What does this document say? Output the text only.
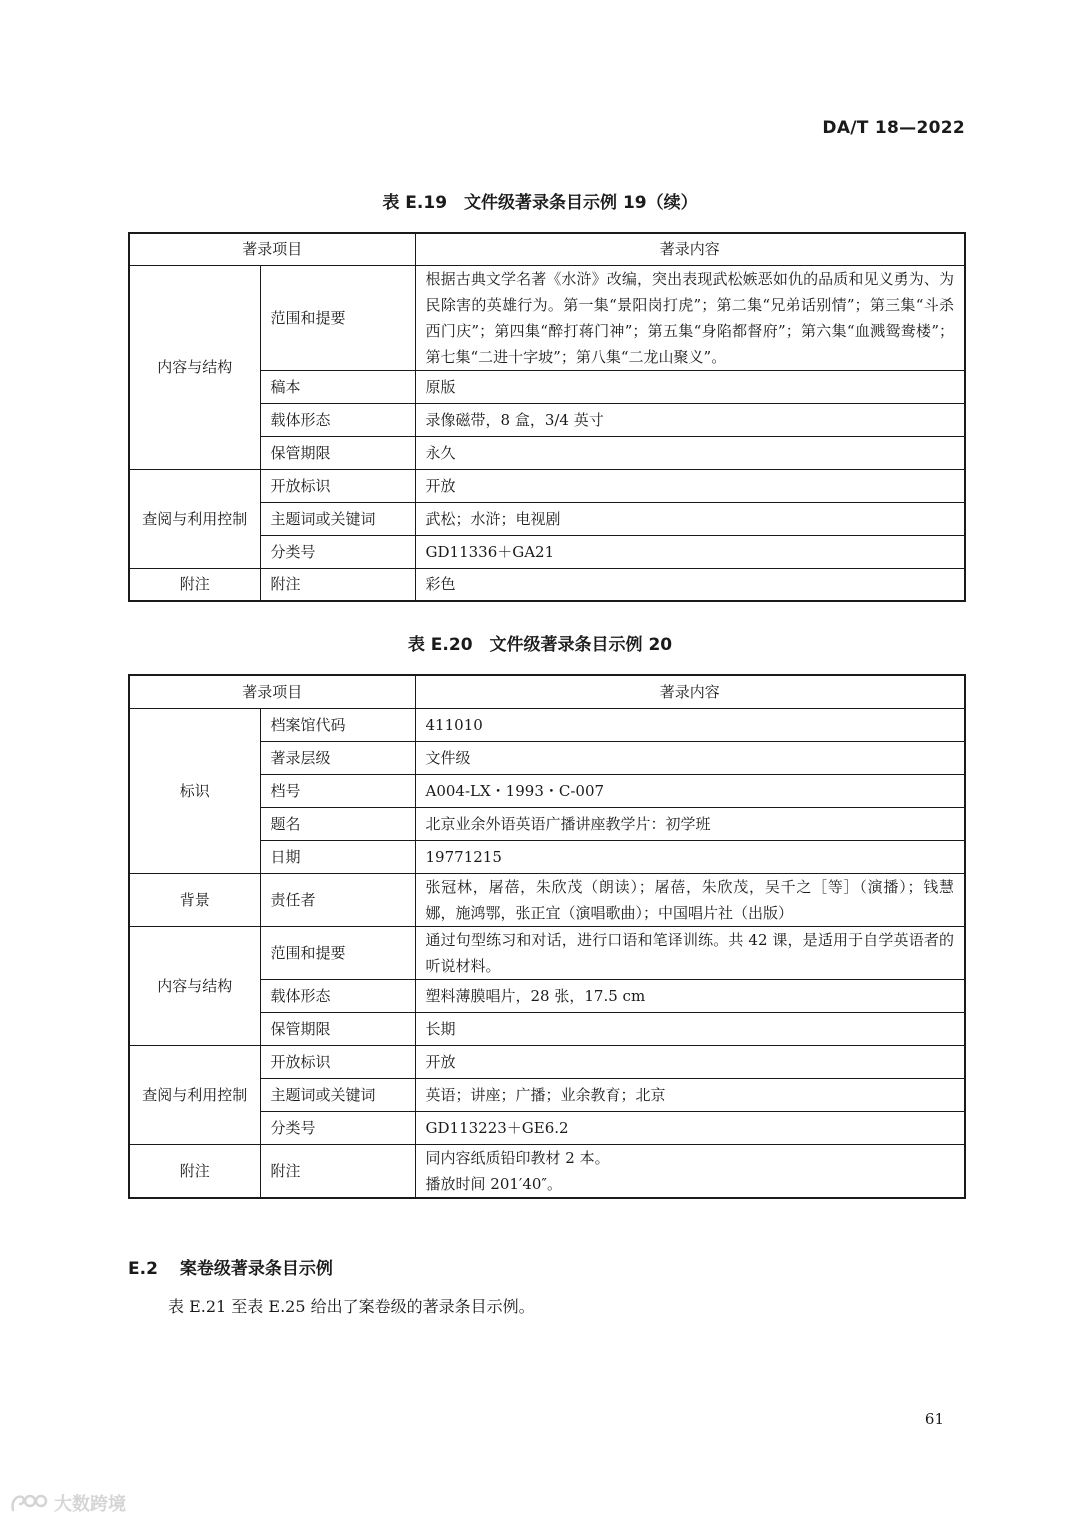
DA/T 18—2022
表 E.19　文件级著录条目示例 19（续）
著录项目		著录内容
内容与结构	范围和提要	根据古典文学名著《水浒》改编，突出表现武松嫉恶如仇的品质和见义勇为、为民除害的英雄行为。第一集“景阳岗打虎”；第二集“兄弟话别情”；第三集“斗杀西门庆”；第四集“醉打蒋门神”；第五集“身陷都督府”；第六集“血溅鸳鸯楼”；第七集“二进十字坡”；第八集“二龙山聚义”。
	稿本	原版
	载体形态	录像磁带，8 盒，3/4 英寸
	保管期限	永久
查阅与利用控制	开放标识	开放
	主题词或关键词	武松；水浒；电视剧
	分类号	GD11336＋GA21
附注	附注	彩色
表 E.20　文件级著录条目示例 20
著录项目		著录内容
标识	档案馆代码	411010
	著录层级	文件级
	档号	A004-LX・1993・C-007
	题名	北京业余外语英语广播讲座教学片：初学班
	日期	19771215
背景	责任者	张冠林，屠蓓，朱欣茂（朗读）；屠蓓，朱欣茂，吴千之［等］（演播）；钱慧娜，施鸿鄂，张正宜（演唱歌曲）；中国唱片社（出版）
内容与结构	范围和提要	通过句型练习和对话，进行口语和笔译训练。共 42 课，是适用于自学英语者的听说材料。
	载体形态	塑料薄膜唱片，28 张，17.5 cm
	保管期限	长期
查阅与利用控制	开放标识	开放
	主题词或关键词	英语；讲座；广播；业余教育；北京
	分类号	GD113223＋GE6.2
附注	附注	同内容纸质铅印教材 2 本。
播放时间 201′40″。
E.2 案卷级著录条目示例
表 E.21 至表 E.25 给出了案卷级的著录条目示例。
61
大数跨境
